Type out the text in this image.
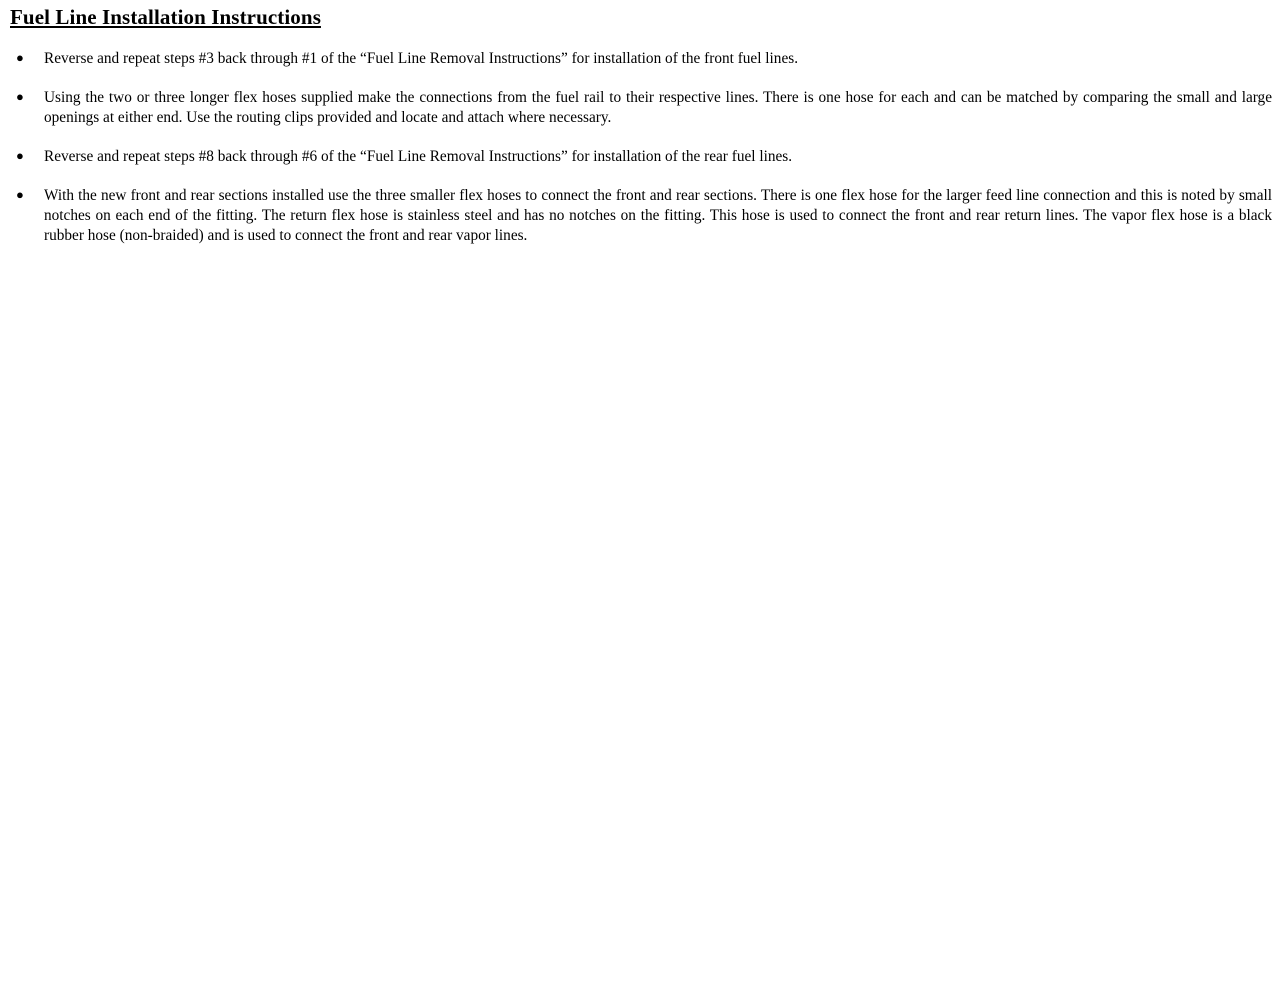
Fuel Line Installation Instructions
● Reverse and repeat steps #3 back through #1 of the “Fuel Line Removal Instructions” for installation of the front fuel lines.
● Using the two or three longer flex hoses supplied make the connections from the fuel rail to their respective lines. There is one hose for each and can be matched by comparing the small and large openings at either end. Use the routing clips provided and locate and attach where necessary.
● Reverse and repeat steps #8 back through #6 of the “Fuel Line Removal Instructions” for installation of the rear fuel lines.
● With the new front and rear sections installed use the three smaller flex hoses to connect the front and rear sections. There is one flex hose for the larger feed line connection and this is noted by small notches on each end of the fitting. The return flex hose is stainless steel and has no notches on the fitting. This hose is used to connect the front and rear return lines. The vapor flex hose is a black rubber hose (non-braided) and is used to connect the front and rear vapor lines.
